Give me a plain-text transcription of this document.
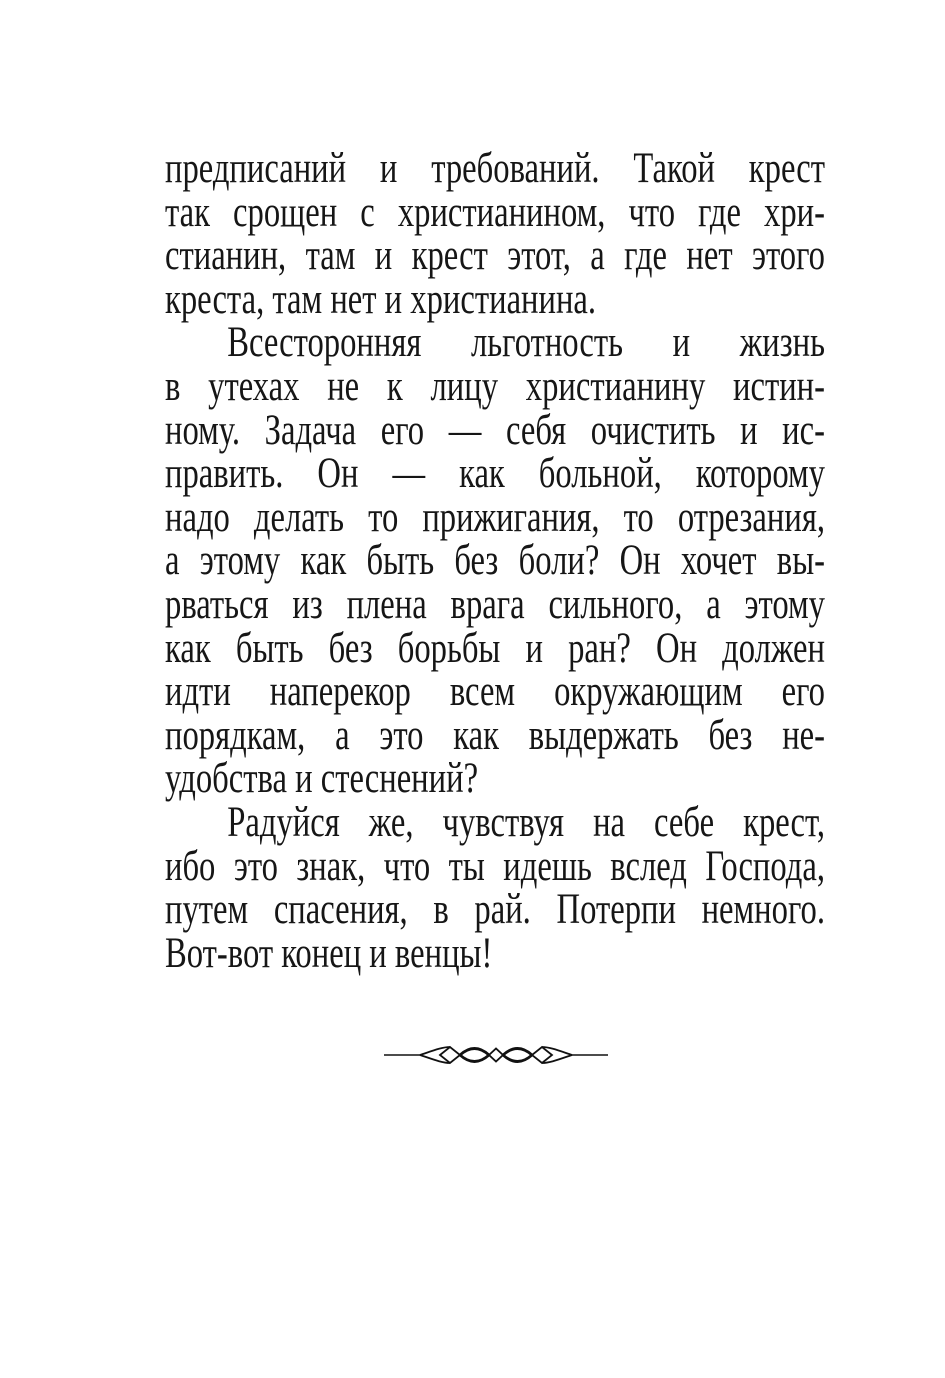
предписаний и требований. Такой крест
так срощен с христианином, что где хри-
стианин, там и крест этот, а где нет этого
креста, там нет и христианина.
Всесторонняя льготность и жизнь
в утехах не к лицу христианину истин-
ному. Задача его — себя очистить и ис-
править. Он — как больной, которому
надо делать то прижигания, то отрезания,
а этому как быть без боли? Он хочет вы-
рваться из плена врага сильного, а этому
как быть без борьбы и ран? Он должен
идти наперекор всем окружающим его
порядкам, а это как выдержать без не-
удобства и стеснений?
Радуйся же, чувствуя на себе крест,
ибо это знак, что ты идешь вслед Господа,
путем спасения, в рай. Потерпи немного.
Вот-вот конец и венцы!
